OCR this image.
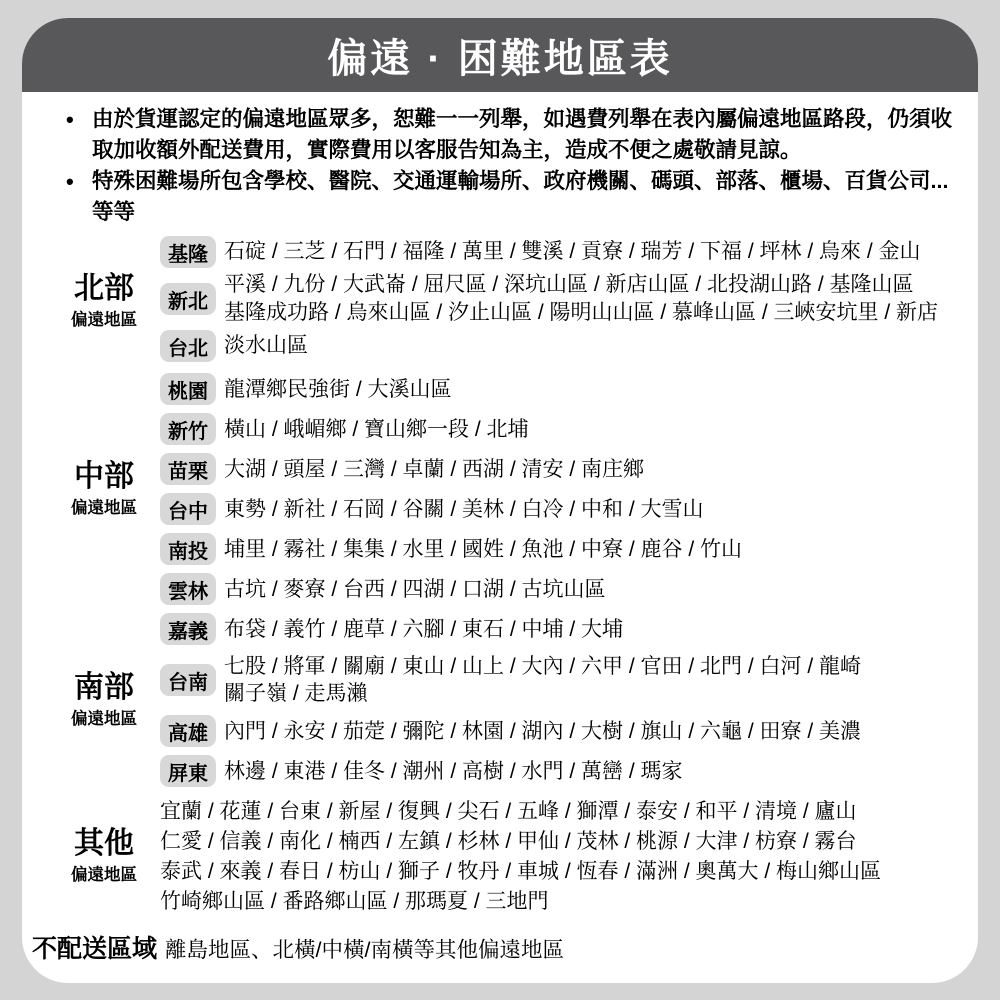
偏遠 · 困難地區表
• 由於貨運認定的偏遠地區眾多，恕難一一列舉，如遇費列舉在表內屬偏遠地區路段，仍須收取加收額外配送費用，實際費用以客服告知為主，造成不便之處敬請見諒。
• 特殊困難場所包含學校、醫院、交通運輸場所、政府機關、碼頭、部落、櫃場、百貨公司...等等
北部
偏遠地區
基隆 石碇 / 三芝 / 石門 / 福隆 / 萬里 / 雙溪 / 貢寮 / 瑞芳 / 下福 / 坪林 / 烏來 / 金山
新北
平溪 / 九份 / 大武崙 / 屈尺區 / 深坑山區 / 新店山區 / 北投湖山路 / 基隆山區
基隆成功路 / 烏來山區 / 汐止山區 / 陽明山山區 / 慕峰山區 / 三峽安坑里 / 新店
台北 淡水山區
中部
偏遠地區
桃園 龍潭鄉民強街 / 大溪山區
新竹 橫山 / 峨嵋鄉 / 寶山鄉一段 / 北埔
苗栗 大湖 / 頭屋 / 三灣 / 卓蘭 / 西湖 / 清安 / 南庄鄉
台中 東勢 / 新社 / 石岡 / 谷關 / 美林 / 白冷 / 中和 / 大雪山
南投 埔里 / 霧社 / 集集 / 水里 / 國姓 / 魚池 / 中寮 / 鹿谷 / 竹山
雲林 古坑 / 麥寮 / 台西 / 四湖 / 口湖 / 古坑山區
南部
偏遠地區
嘉義 布袋 / 義竹 / 鹿草 / 六腳 / 東石 / 中埔 / 大埔
台南
七股 / 將軍 / 關廟 / 東山 / 山上 / 大內 / 六甲 / 官田 / 北門 / 白河 / 龍崎
關子嶺 / 走馬瀨
高雄 內門 / 永安 / 茄萣 / 彌陀 / 林園 / 湖內 / 大樹 / 旗山 / 六龜 / 田寮 / 美濃
屏東 林邊 / 東港 / 佳冬 / 潮州 / 高樹 / 水門 / 萬巒 / 瑪家
其他
偏遠地區
宜蘭 / 花蓮 / 台東 / 新屋 / 復興 / 尖石 / 五峰 / 獅潭 / 泰安 / 和平 / 清境 / 廬山
仁愛 / 信義 / 南化 / 楠西 / 左鎮 / 杉林 / 甲仙 / 茂林 / 桃源 / 大津 / 枋寮 / 霧台
泰武 / 來義 / 春日 / 枋山 / 獅子 / 牧丹 / 車城 / 恆春 / 滿洲 / 奧萬大 / 梅山鄉山區
竹崎鄉山區 / 番路鄉山區 / 那瑪夏 / 三地門
不配送區域 離島地區、北橫/中橫/南橫等其他偏遠地區
